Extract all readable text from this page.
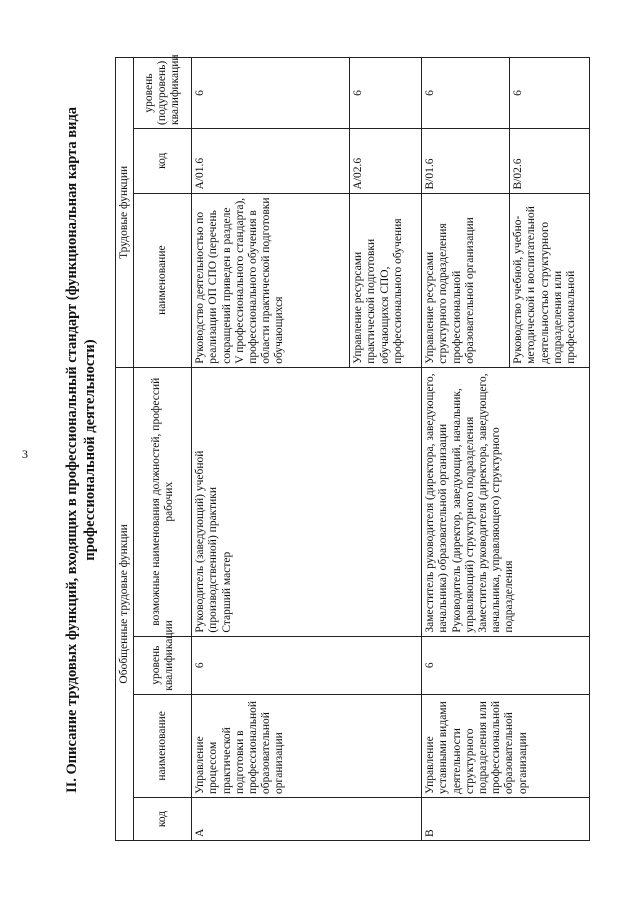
3 II. Описание трудовых функций, входящих в профессиональный стандарт (функциональная карта вида профессиональной деятельности)
Обобщенные трудовые функции				Трудовые функции		
код	наименование	уровень квалификации	возможные наименования должностей, профессий рабочих	наименование	код	уровень (подуровень) квалификации
A	Управление процессом практической подготовки в профессиональной образовательной организации	6	Руководитель (заведующий) учебной (производственной) практики Старший мастер	Руководство деятельностью по реализации ОП СПО (перечень сокращений приведен в разделе V профессионального стандарта), профессионального обучения в области практической подготовки обучающихся	A/01.6	6
				Управление ресурсами практической подготовки обучающихся СПО, профессионального обучения	A/02.6	6
B	Управление уставными видами деятельности структурного подразделения или профессиональной образовательной организации	6	Заместитель руководителя (директора, заведующего, начальника) образовательной организации Руководитель (директор, заведующий, начальник, управляющий) структурного подразделения Заместитель руководителя (директора, заведующего, начальника, управляющего) структурного подразделения	Управление ресурсами структурного подразделения профессиональной образовательной организации	B/01.6	6
				Руководство учебной, учебно-методической и воспитательной деятельностью структурного подразделения или профессиональной	B/02.6	6
